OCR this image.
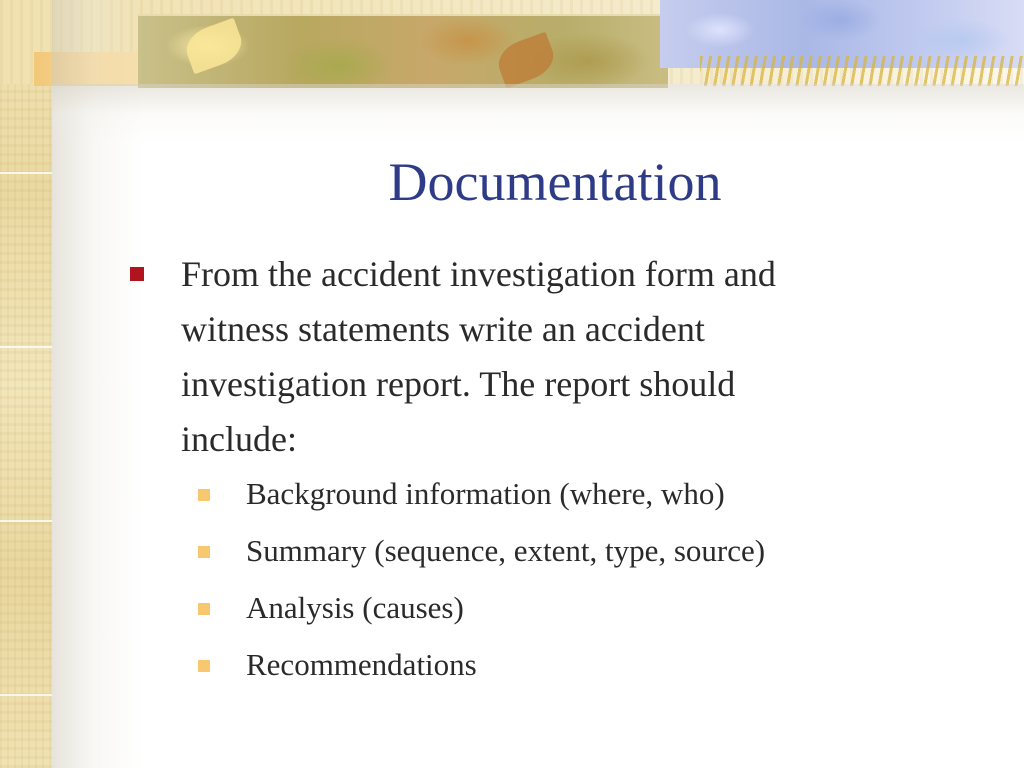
Documentation
From the accident investigation form and
witness statements write an accident
investigation report. The report should
include:
Background information (where, who)
Summary (sequence, extent, type, source)
Analysis (causes)
Recommendations
